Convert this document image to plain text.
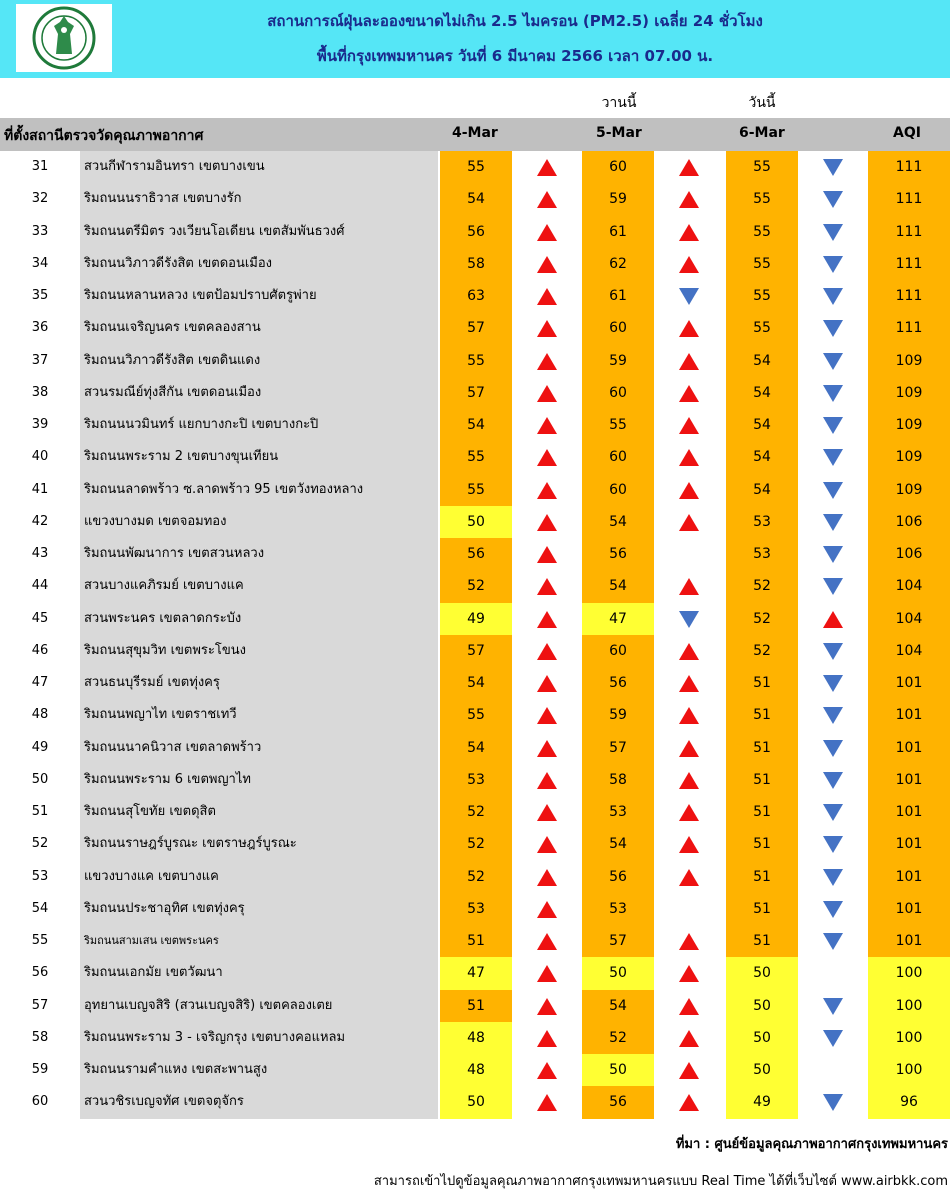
สถานการณ์ฝุ่นละอองขนาดไม่เกิน 2.5 ไมครอน (PM2.5) เฉลี่ย 24 ชั่วโมง
พื้นที่กรุงเทพมหานคร วันที่ 6 มีนาคม 2566 เวลา 07.00 น.
วานนี้	วันนี้
ที่ตั้งสถานีตรวจวัดคุณภาพอากาศ	4-Mar	5-Mar	6-Mar	AQI
31	สวนกีฬารามอินทรา เขตบางเขน	55	60	55	111
32	ริมถนนนราธิวาส เขตบางรัก	54	59	55	111
33	ริมถนนตรีมิตร วงเวียนโอเดียน เขตสัมพันธวงศ์	56	61	55	111
34	ริมถนนวิภาวดีรังสิต เขตดอนเมือง	58	62	55	111
35	ริมถนนหลานหลวง เขตป้อมปราบศัตรูพ่าย	63	61	55	111
36	ริมถนนเจริญนคร เขตคลองสาน	57	60	55	111
37	ริมถนนวิภาวดีรังสิต เขตดินแดง	55	59	54	109
38	สวนรมณีย์ทุ่งสีกัน เขตดอนเมือง	57	60	54	109
39	ริมถนนนวมินทร์ แยกบางกะปิ เขตบางกะปิ	54	55	54	109
40	ริมถนนพระราม 2 เขตบางขุนเทียน	55	60	54	109
41	ริมถนนลาดพร้าว ซ.ลาดพร้าว 95 เขตวังทองหลาง	55	60	54	109
42	แขวงบางมด เขตจอมทอง	50	54	53	106
43	ริมถนนพัฒนาการ เขตสวนหลวง	56	56	53	106
44	สวนบางแคภิรมย์ เขตบางแค	52	54	52	104
45	สวนพระนคร เขตลาดกระบัง	49	47	52	104
46	ริมถนนสุขุมวิท เขตพระโขนง	57	60	52	104
47	สวนธนบุรีรมย์ เขตทุ่งครุ	54	56	51	101
48	ริมถนนพญาไท เขตราชเทวี	55	59	51	101
49	ริมถนนนาคนิวาส เขตลาดพร้าว	54	57	51	101
50	ริมถนนพระราม 6 เขตพญาไท	53	58	51	101
51	ริมถนนสุโขทัย เขตดุสิต	52	53	51	101
52	ริมถนนราษฎร์บูรณะ เขตราษฎร์บูรณะ	52	54	51	101
53	แขวงบางแค เขตบางแค	52	56	51	101
54	ริมถนนประชาอุทิศ เขตทุ่งครุ	53	53	51	101
55	ริมถนนสามเสน เขตพระนคร	51	57	51	101
56	ริมถนนเอกมัย เขตวัฒนา	47	50	50	100
57	อุทยานเบญจสิริ (สวนเบญจสิริ) เขตคลองเตย	51	54	50	100
58	ริมถนนพระราม 3 - เจริญกรุง เขตบางคอแหลม	48	52	50	100
59	ริมถนนรามคำแหง เขตสะพานสูง	48	50	50	100
60	สวนวชิรเบญจทัศ เขตจตุจักร	50	56	49	96
ที่มา : ศูนย์ข้อมูลคุณภาพอากาศกรุงเทพมหานคร
สามารถเข้าไปดูข้อมูลคุณภาพอากาศกรุงเทพมหานครแบบ Real Time ได้ที่เว็บไซต์ www.airbkk.com
